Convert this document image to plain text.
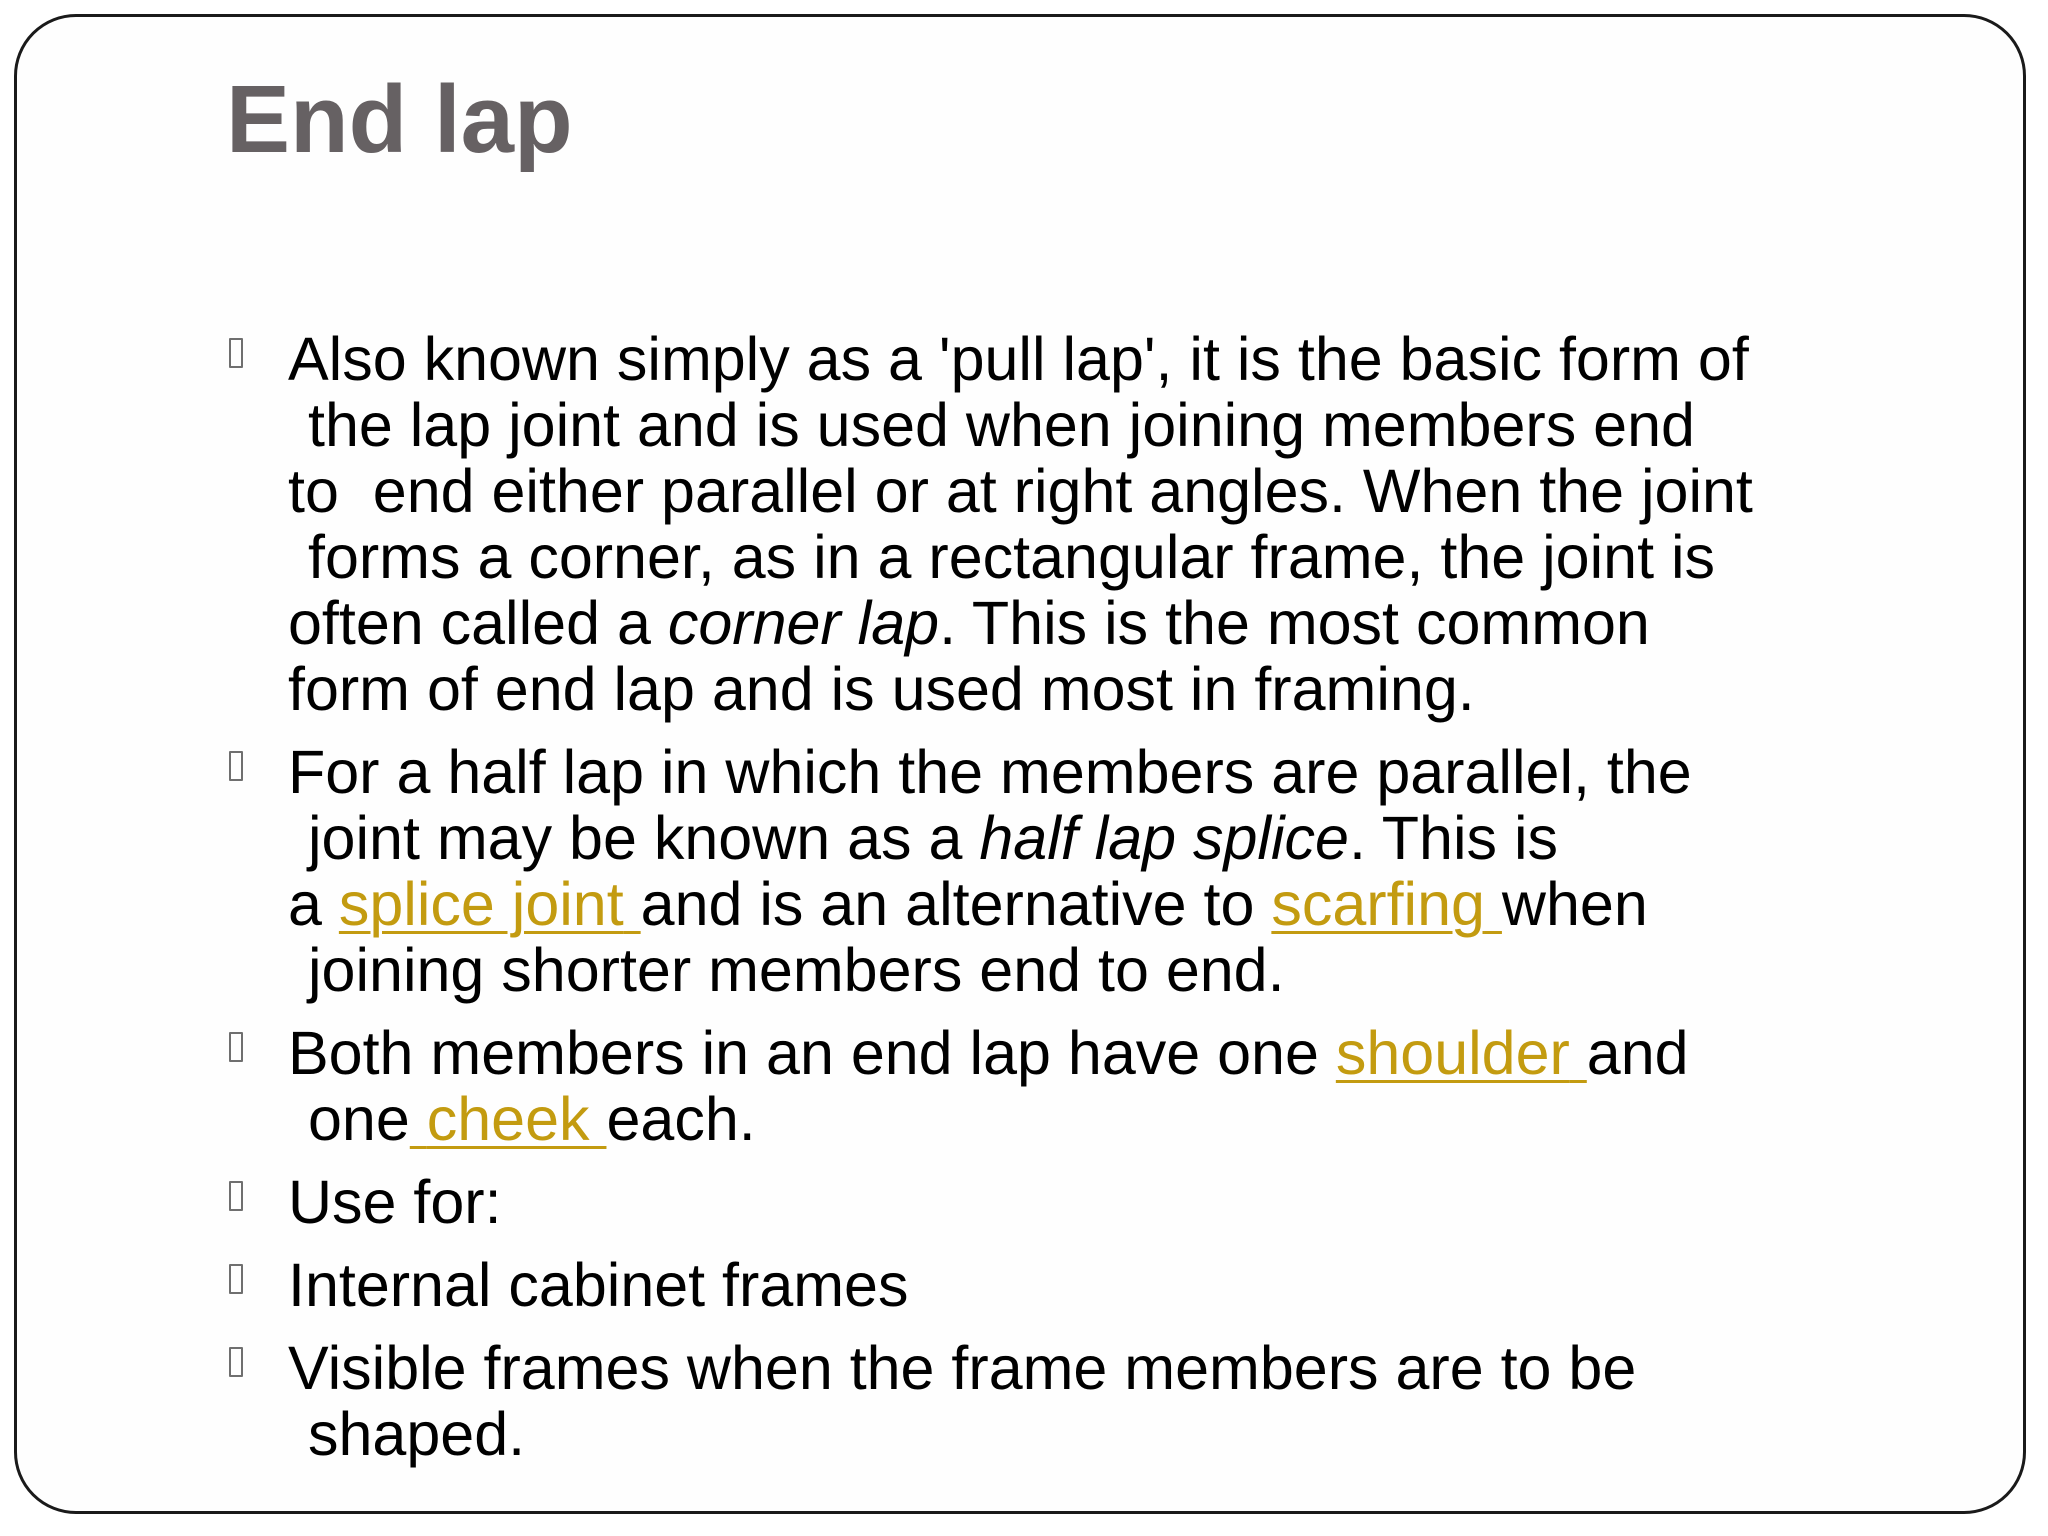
End lap
Also known simply as a 'pull lap', it is the basic form of
the lap joint and is used when joining members end
to  end either parallel or at right angles. When the joint
forms a corner, as in a rectangular frame, the joint is
often called a corner lap. This is the most common
form of end lap and is used most in framing.
For a half lap in which the members are parallel, the
joint may be known as a half lap splice. This is
a splice joint and is an alternative to scarfing when
joining shorter members end to end.
Both members in an end lap have one shoulder and
one cheek each.
Use for:
Internal cabinet frames
Visible frames when the frame members are to be
shaped.
